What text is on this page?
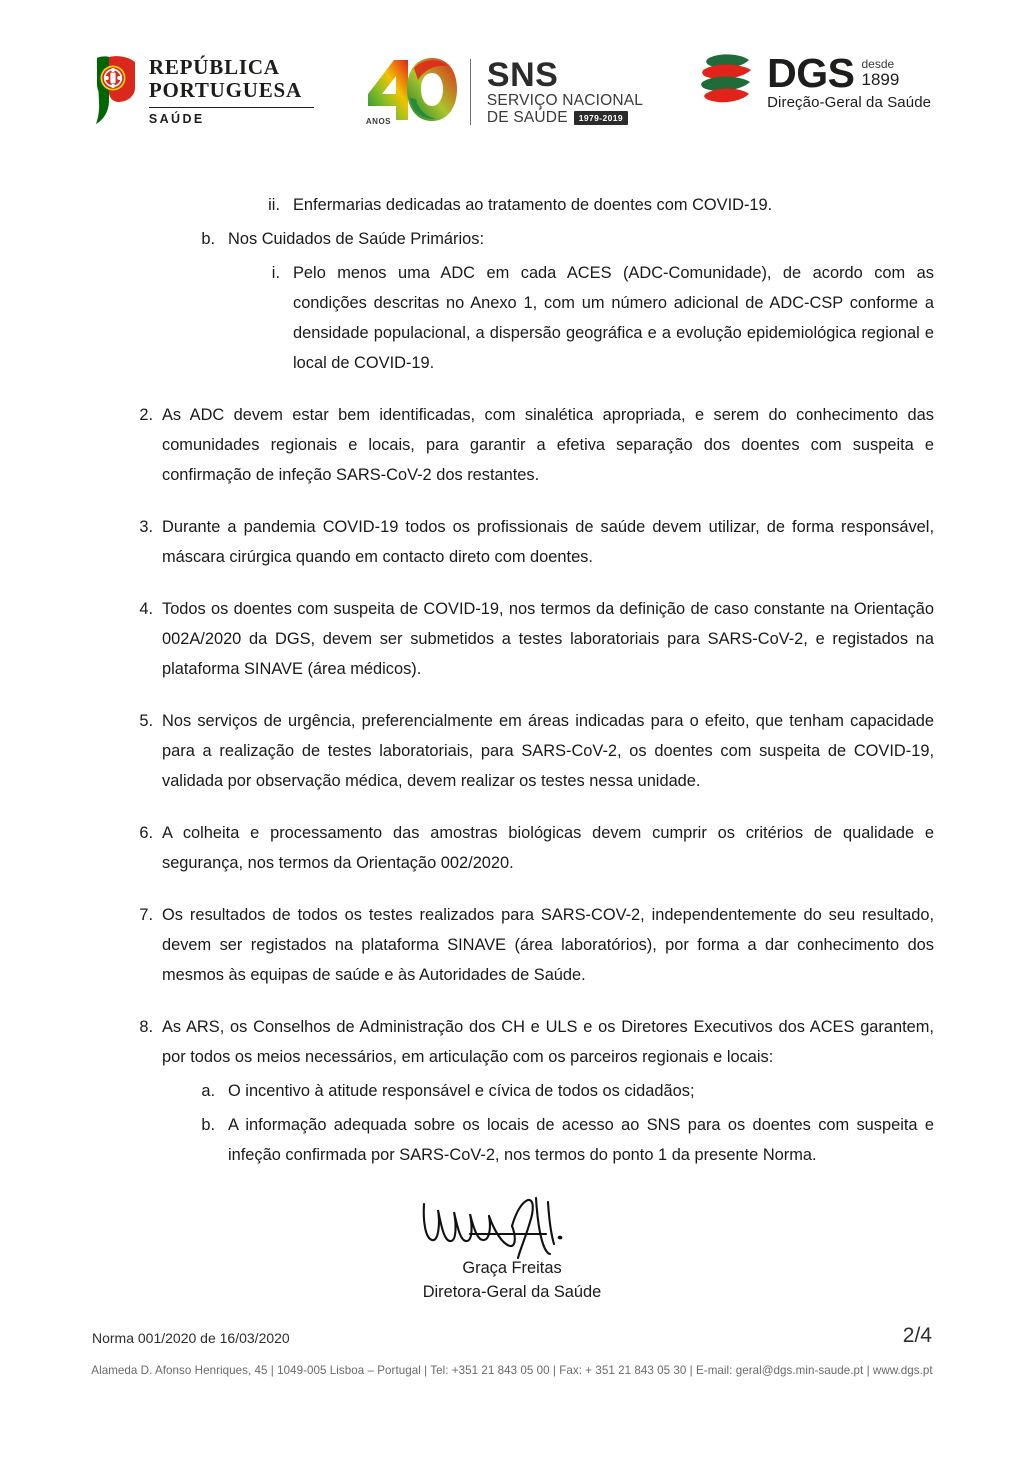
REPÚBLICA
PORTUGUESA
SAÚDE	ANOS
SNS
SERVIÇO NACIONAL
DE SAÚDE	1979-2019
DGS desde
1899
Direção-Geral da Saúde
ii. Enfermarias dedicadas ao tratamento de doentes com COVID-19.
b. Nos Cuidados de Saúde Primários:
i. Pelo menos uma ADC em cada ACES (ADC-Comunidade), de acordo com as condições descritas no Anexo 1, com um número adicional de ADC-CSP conforme a densidade populacional, a dispersão geográfica e a evolução epidemiológica regional e local de COVID-19.
2. As ADC devem estar bem identificadas, com sinalética apropriada, e serem do conhecimento das comunidades regionais e locais, para garantir a efetiva separação dos doentes com suspeita e confirmação de infeção SARS-CoV-2 dos restantes.
3. Durante a pandemia COVID-19 todos os profissionais de saúde devem utilizar, de forma responsável, máscara cirúrgica quando em contacto direto com doentes.
4. Todos os doentes com suspeita de COVID-19, nos termos da definição de caso constante na Orientação 002A/2020 da DGS, devem ser submetidos a testes laboratoriais para SARS-CoV-2, e registados na plataforma SINAVE (área médicos).
5. Nos serviços de urgência, preferencialmente em áreas indicadas para o efeito, que tenham capacidade para a realização de testes laboratoriais, para SARS-CoV-2, os doentes com suspeita de COVID-19, validada por observação médica, devem realizar os testes nessa unidade.
6. A colheita e processamento das amostras biológicas devem cumprir os critérios de qualidade e segurança, nos termos da Orientação 002/2020.
7. Os resultados de todos os testes realizados para SARS-COV-2, independentemente do seu resultado, devem ser registados na plataforma SINAVE (área laboratórios), por forma a dar conhecimento dos mesmos às equipas de saúde e às Autoridades de Saúde.
8. As ARS, os Conselhos de Administração dos CH e ULS e os Diretores Executivos dos ACES garantem, por todos os meios necessários, em articulação com os parceiros regionais e locais:
a. O incentivo à atitude responsável e cívica de todos os cidadãos;
b. A informação adequada sobre os locais de acesso ao SNS para os doentes com suspeita e infeção confirmada por SARS-CoV-2, nos termos do ponto 1 da presente Norma.
Graça Freitas
Diretora-Geral da Saúde
Norma 001/2020 de 16/03/2020	2/4
Alameda D. Afonso Henriques, 45 | 1049-005 Lisboa – Portugal | Tel: +351 21 843 05 00 | Fax: + 351 21 843 05 30 | E-mail: geral@dgs.min-saude.pt | www.dgs.pt
